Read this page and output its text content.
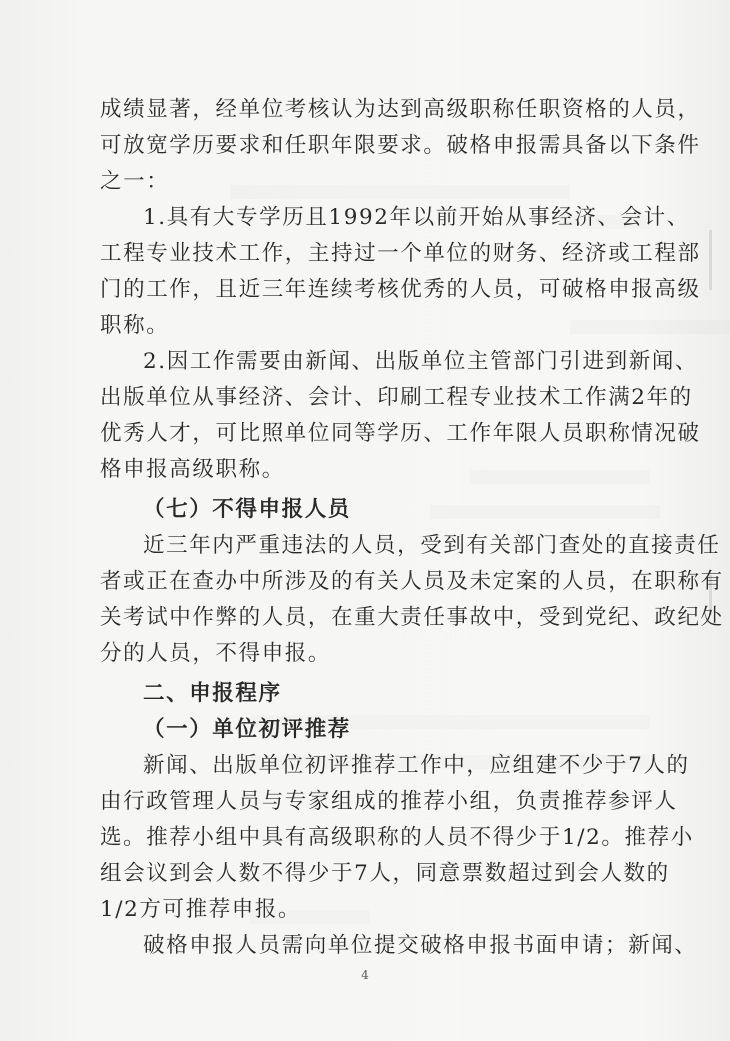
成绩显著，经单位考核认为达到高级职称任职资格的人员，
可放宽学历要求和任职年限要求。破格申报需具备以下条件
之一：
1.具有大专学历且1992年以前开始从事经济、会计、
工程专业技术工作，主持过一个单位的财务、经济或工程部
门的工作，且近三年连续考核优秀的人员，可破格申报高级
职称。
2.因工作需要由新闻、出版单位主管部门引进到新闻、
出版单位从事经济、会计、印刷工程专业技术工作满2年的
优秀人才，可比照单位同等学历、工作年限人员职称情况破
格申报高级职称。
（七）不得申报人员
近三年内严重违法的人员，受到有关部门查处的直接责任
者或正在查办中所涉及的有关人员及未定案的人员，在职称有
关考试中作弊的人员，在重大责任事故中，受到党纪、政纪处
分的人员，不得申报。
二、申报程序
（一）单位初评推荐
新闻、出版单位初评推荐工作中，应组建不少于7人的
由行政管理人员与专家组成的推荐小组，负责推荐参评人
选。推荐小组中具有高级职称的人员不得少于1/2。推荐小
组会议到会人数不得少于7人，同意票数超过到会人数的
1/2方可推荐申报。
破格申报人员需向单位提交破格申报书面申请；新闻、
4
